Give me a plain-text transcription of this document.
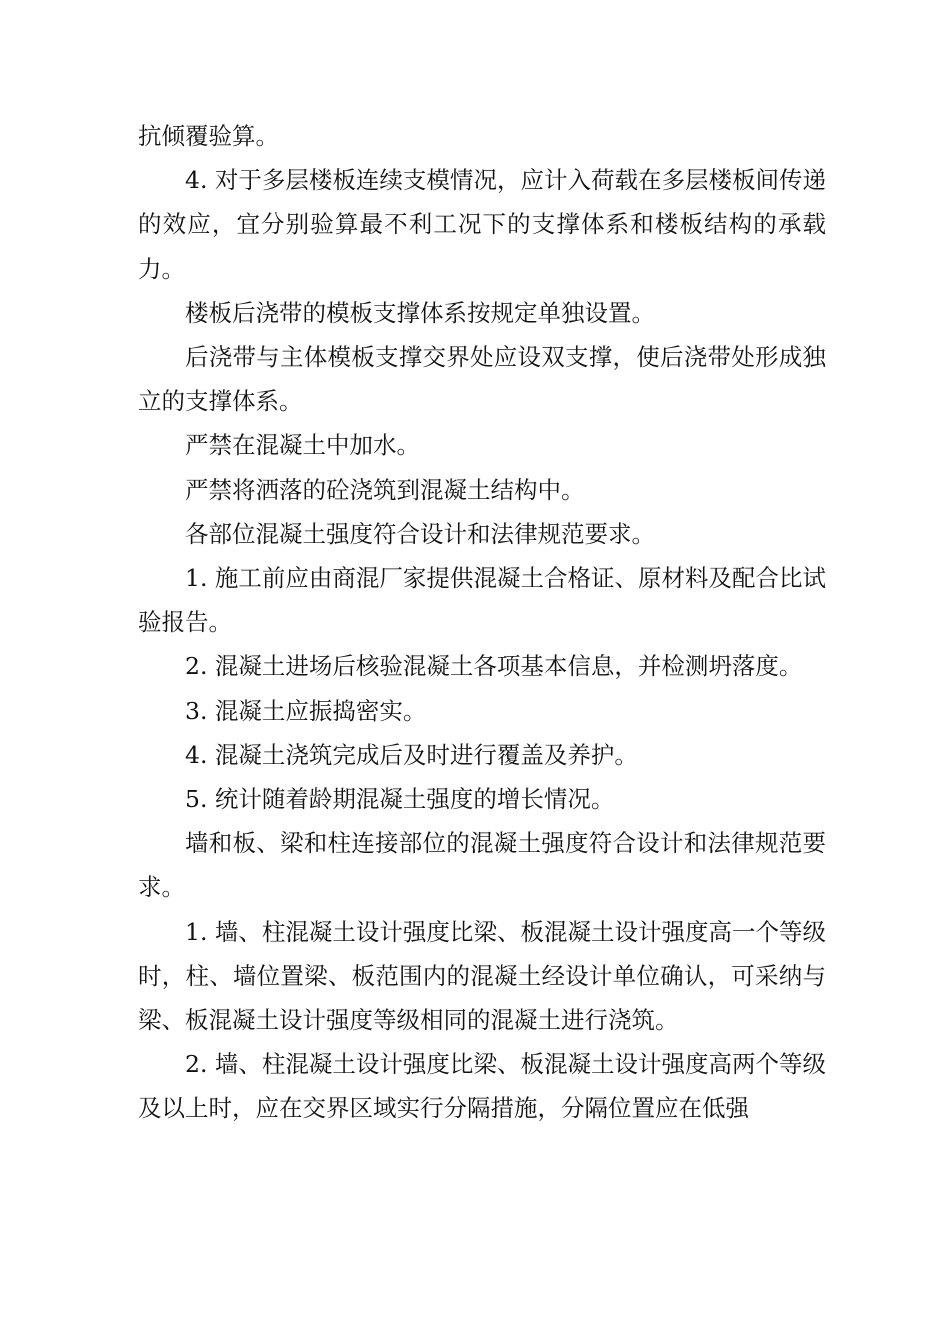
抗倾覆验算。

4. 对于多层楼板连续支模情况，应计入荷载在多层楼板间传递的效应，宜分别验算最不利工况下的支撑体系和楼板结构的承载力。

楼板后浇带的模板支撑体系按规定单独设置。

后浇带与主体模板支撑交界处应设双支撑，使后浇带处形成独立的支撑体系。

严禁在混凝土中加水。

严禁将洒落的砼浇筑到混凝土结构中。

各部位混凝土强度符合设计和法律规范要求。

1. 施工前应由商混厂家提供混凝土合格证、原材料及配合比试验报告。

2. 混凝土进场后核验混凝土各项基本信息，并检测坍落度。

3. 混凝土应振捣密实。

4. 混凝土浇筑完成后及时进行覆盖及养护。

5. 统计随着龄期混凝土强度的增长情况。

墙和板、梁和柱连接部位的混凝土强度符合设计和法律规范要求。

1. 墙、柱混凝土设计强度比梁、板混凝土设计强度高一个等级时，柱、墙位置梁、板范围内的混凝土经设计单位确认，可采纳与梁、板混凝土设计强度等级相同的混凝土进行浇筑。

2. 墙、柱混凝土设计强度比梁、板混凝土设计强度高两个等级及以上时，应在交界区域实行分隔措施，分隔位置应在低强
